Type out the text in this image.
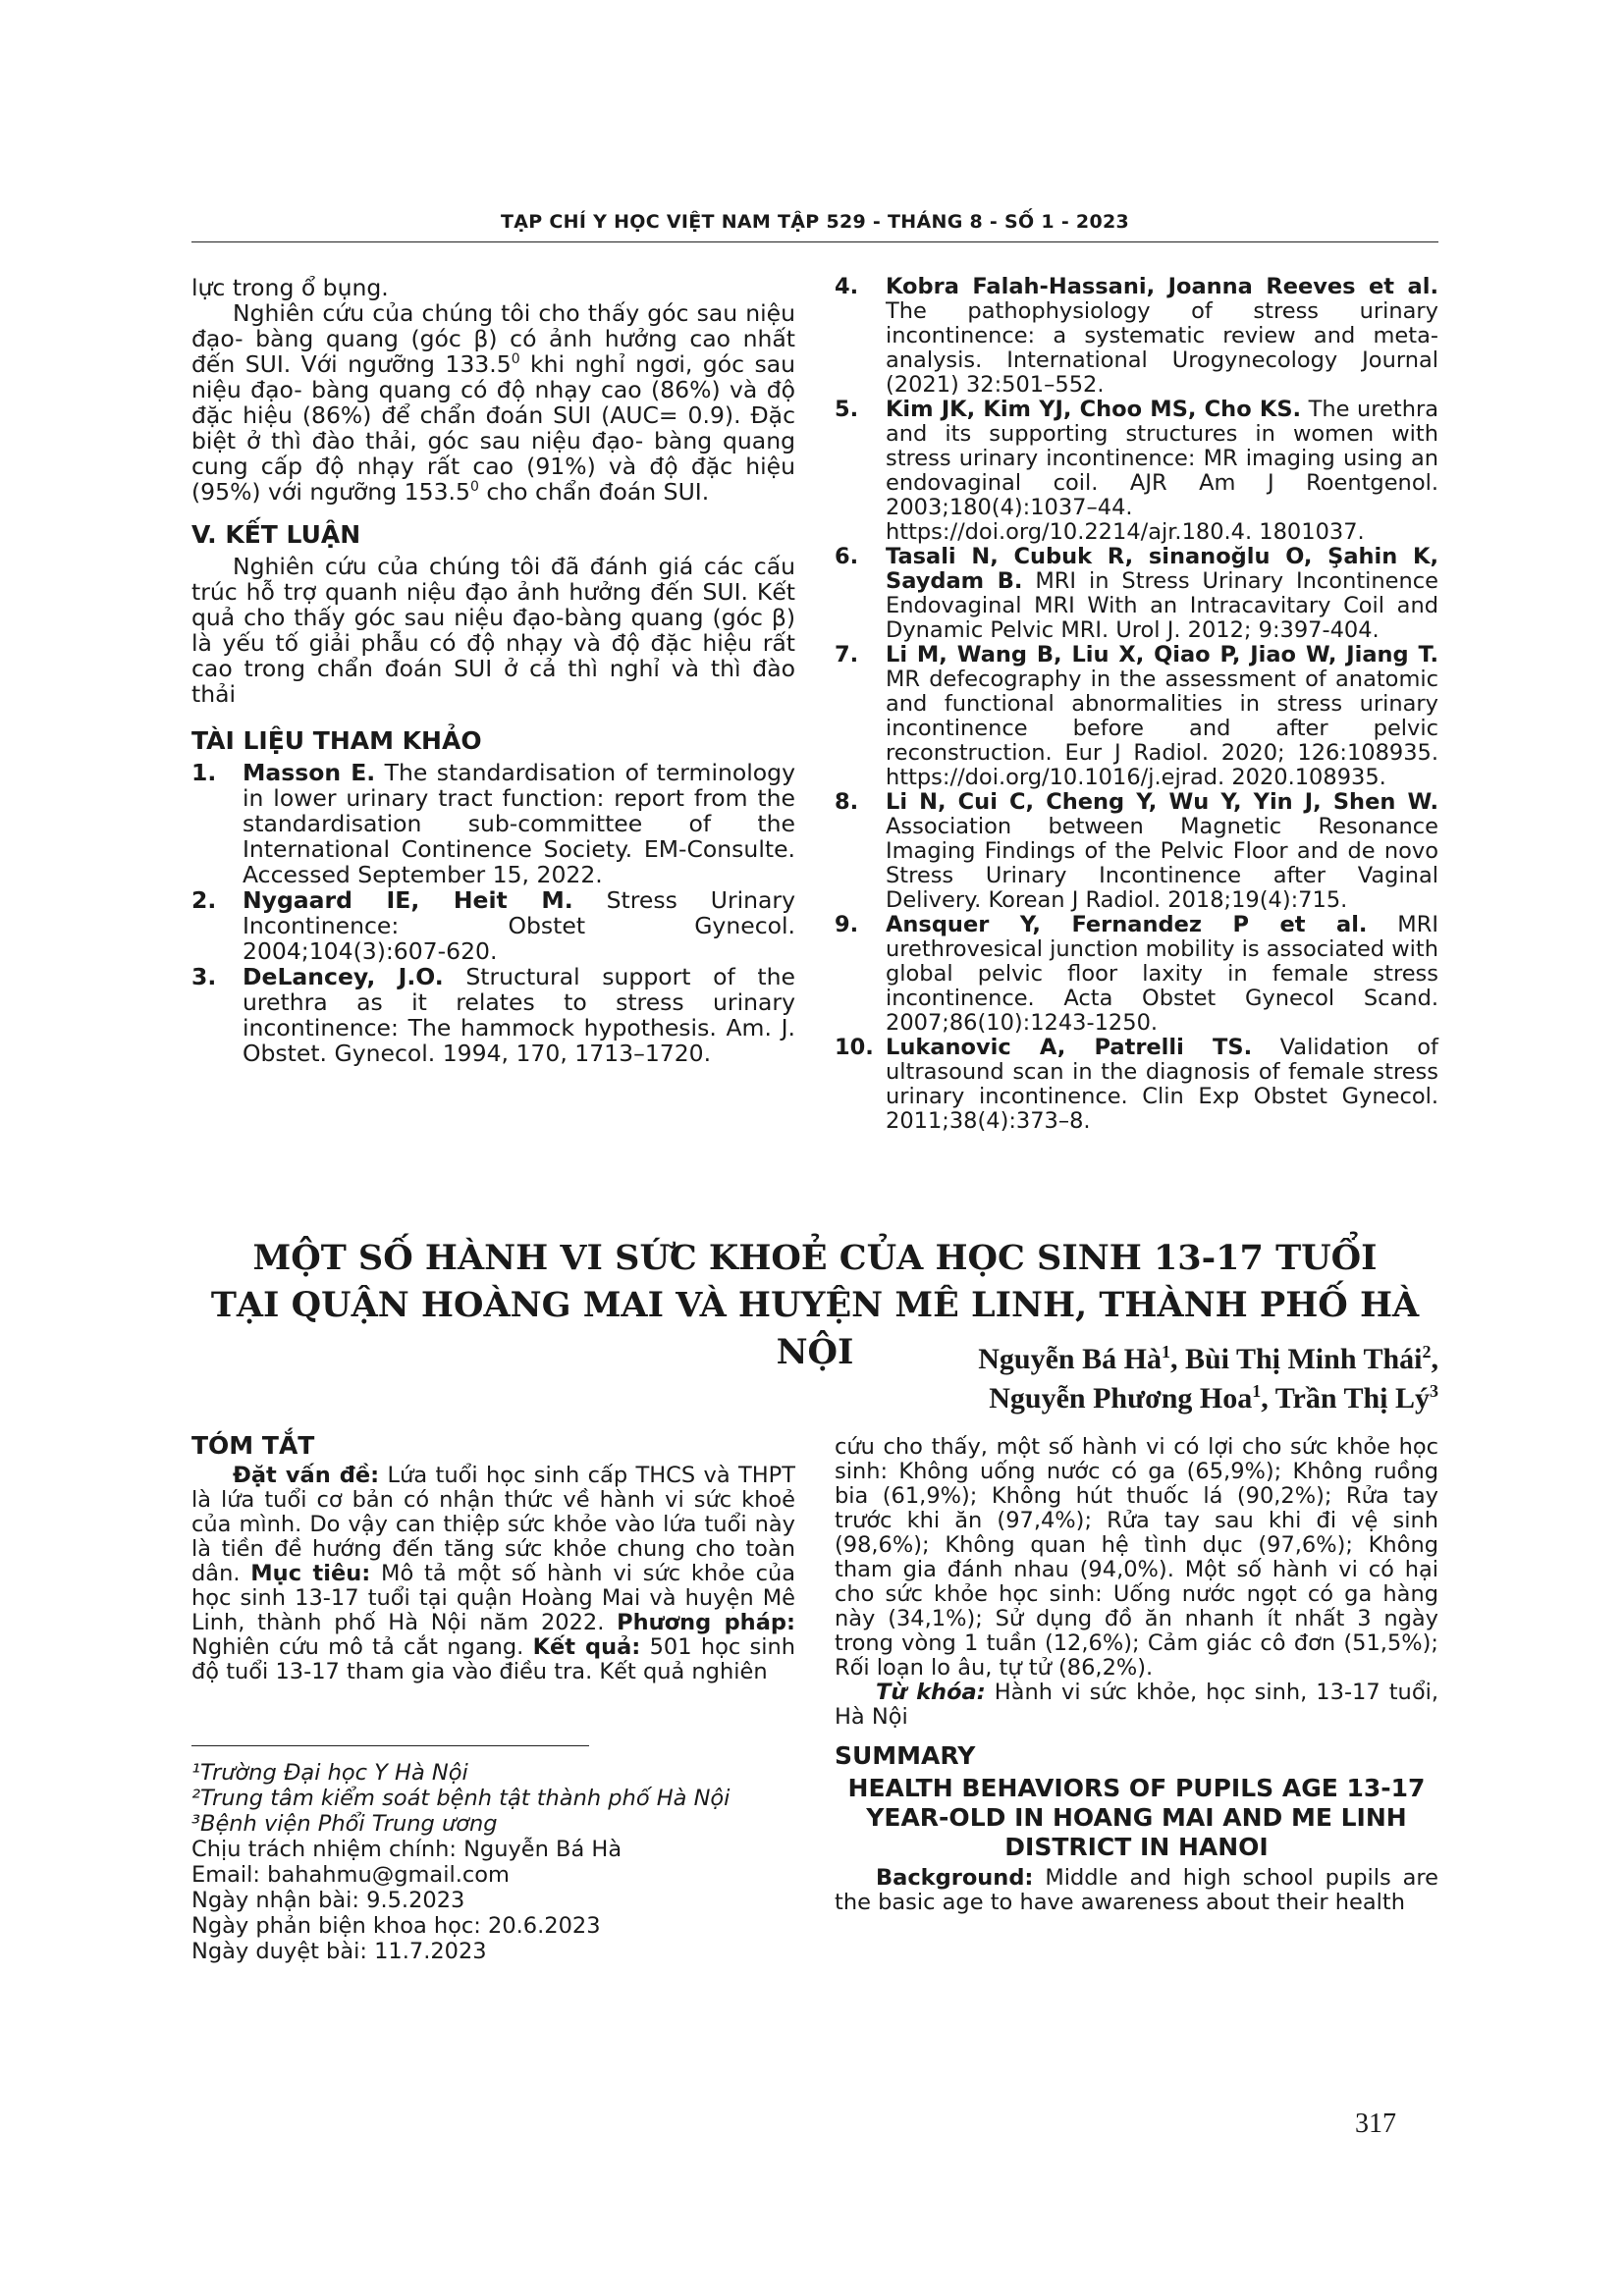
TẠP CHÍ Y HỌC VIỆT NAM TẬP 529 - THÁNG 8 - SỐ 1 - 2023

lực trong ổ bụng.

Nghiên cứu của chúng tôi cho thấy góc sau niệu đạo- bàng quang (góc β) có ảnh hưởng cao nhất đến SUI. Với ngưỡng 133.5$^0$ khi nghỉ ngơi, góc sau niệu đạo- bàng quang có độ nhạy cao (86%) và độ đặc hiệu (86%) để chẩn đoán SUI (AUC= 0.9). Đặc biệt ở thì đào thải, góc sau niệu đạo- bàng quang cung cấp độ nhạy rất cao (91%) và độ đặc hiệu (95%) với ngưỡng 153.5$^0$ cho chẩn đoán SUI.

V. KẾT LUẬN

Nghiên cứu của chúng tôi đã đánh giá các cấu trúc hỗ trợ quanh niệu đạo ảnh hưởng đến SUI. Kết quả cho thấy góc sau niệu đạo-bàng quang (góc β) là yếu tố giải phẫu có độ nhạy và độ đặc hiệu rất cao trong chẩn đoán SUI ở cả thì nghỉ và thì đào thải

TÀI LIỆU THAM KHẢO
1.	Masson E. The standardisation of terminology in lower urinary tract function: report from the standardisation sub-committee of the International Continence Society. EM-Consulte. Accessed September 15, 2022.
2.	Nygaard IE, Heit M. Stress Urinary Incontinence: Obstet Gynecol. 2004;104(3):607-620.
3.	DeLancey, J.O. Structural support of the urethra as it relates to stress urinary incontinence: The hammock hypothesis. Am. J. Obstet. Gynecol. 1994, 170, 1713–1720.
4.	Kobra Falah-Hassani, Joanna Reeves et al. The pathophysiology of stress urinary incontinence: a systematic review and meta-analysis. International Urogynecology Journal (2021) 32:501–552.
5.	Kim JK, Kim YJ, Choo MS, Cho KS. The urethra and its supporting structures in women with stress urinary incontinence: MR imaging using an endovaginal coil. AJR Am J Roentgenol. 2003;180(4):1037–44. https://doi.org/10.2214/ajr.180.4. 1801037.
6.	Tasali N, Cubuk R, sinanoğlu O, Şahin K, Saydam B. MRI in Stress Urinary Incontinence Endovaginal MRI With an Intracavitary Coil and Dynamic Pelvic MRI. Urol J. 2012; 9:397-404.
7.	Li M, Wang B, Liu X, Qiao P, Jiao W, Jiang T. MR defecography in the assessment of anatomic and functional abnormalities in stress urinary incontinence before and after pelvic reconstruction. Eur J Radiol. 2020; 126:108935. https://doi.org/10.1016/j.ejrad. 2020.108935.
8.	Li N, Cui C, Cheng Y, Wu Y, Yin J, Shen W. Association between Magnetic Resonance Imaging Findings of the Pelvic Floor and de novo Stress Urinary Incontinence after Vaginal Delivery. Korean J Radiol. 2018;19(4):715.
9.	Ansquer Y, Fernandez P et al. MRI urethrovesical junction mobility is associated with global pelvic floor laxity in female stress incontinence. Acta Obstet Gynecol Scand. 2007;86(10):1243-1250.
10. Lukanovic A, Patrelli TS. Validation of ultrasound scan in the diagnosis of female stress urinary incontinence. Clin Exp Obstet Gynecol. 2011;38(4):373–8.
MỘT SỐ HÀNH VI SỨC KHOẺ CỦA HỌC SINH 13-17 TUỔI
TẠI QUẬN HOÀNG MAI VÀ HUYỆN MÊ LINH, THÀNH PHỐ HÀ NỘI	Nguyễn Bá $Hà^1$, Bùi Thị Minh Thái$^2$,
Nguyễn Phương Hoa$^1$, Trần Thị $Lý^3$
TÓM TẮT

Đặt vấn đề: Lứa tuổi học sinh cấp THCS và THPT là lứa tuổi cơ bản có nhận thức về hành vi sức khoẻ của mình. Do vậy can thiệp sức khỏe vào lứa tuổi này là tiền đề hướng đến tăng sức khỏe chung cho toàn dân. Mục tiêu: Mô tả một số hành vi sức khỏe của học sinh 13-17 tuổi tại quận Hoàng Mai và huyện Mê Linh, thành phố Hà Nội năm 2022. Phương pháp: Nghiên cứu mô tả cắt ngang. Kết quả: 501 học sinh độ tuổi 13-17 tham gia vào điều tra. Kết quả nghiên

cứu cho thấy, một số hành vi có lợi cho sức khỏe học sinh: Không uống nước có ga (65,9%); Không ruồng bia (61,9%); Không hút thuốc lá (90,2%); Rửa tay trước khi ăn (97,4%); Rửa tay sau khi đi vệ sinh (98,6%); Không quan hệ tình dục (97,6%); Không tham gia đánh nhau (94,0%). Một số hành vi có hại cho sức khỏe học sinh: Uống nước ngọt có ga hàng này (34,1%); Sử dụng đồ ăn nhanh ít nhất 3 ngày trong vòng 1 tuần (12,6%); Cảm giác cô đơn (51,5%); Rối loạn lo âu, tự tử (86,2%).

Từ khóa: Hành vi sức khỏe, học sinh, 13-17 tuổi, Hà Nội

SUMMARY
HEALTH BEHAVIORS OF PUPILS AGE 13-17 YEAR-OLD IN HOANG MAI AND ME LINH DISTRICT IN HANOI

Background: Middle and high school pupils are the basic age to have awareness about their health

¹Trường Đại học Y Hà Nội
²Trung tâm kiểm soát bệnh tật thành phố Hà Nội
³Bệnh viện Phổi Trung ương
Chịu trách nhiệm chính: Nguyễn Bá Hà
Email: bahahmu@gmail.com
Ngày nhận bài: 9.5.2023
Ngày phản biện khoa học: 20.6.2023
Ngày duyệt bài: 11.7.2023
317
